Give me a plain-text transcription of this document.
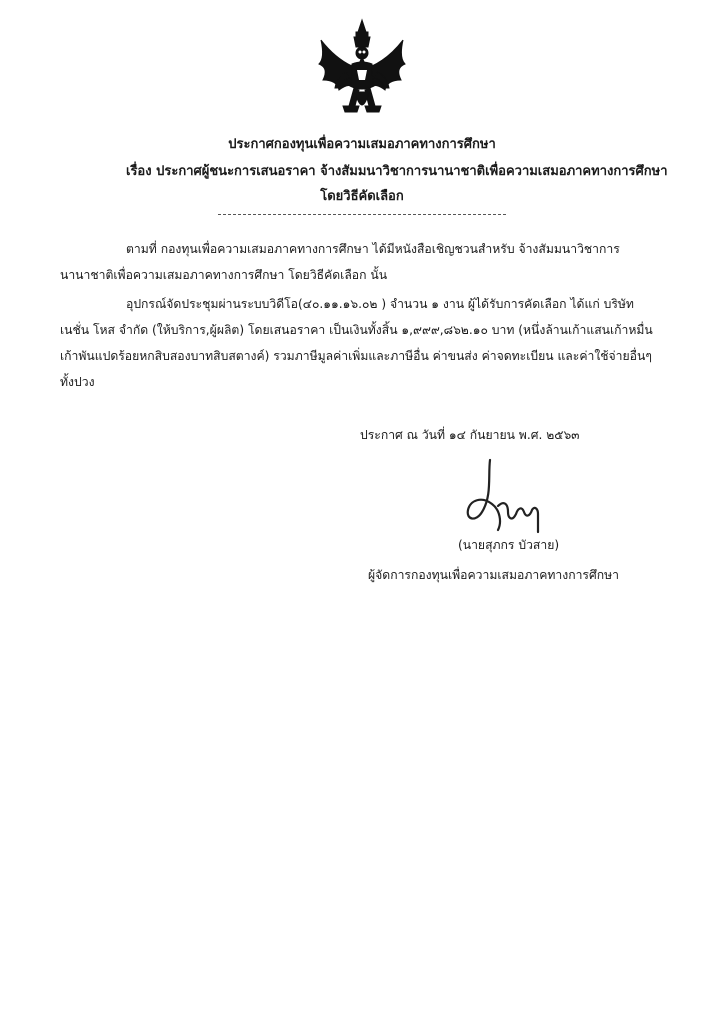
ประกาศกองทุนเพื่อความเสมอภาคทางการศึกษา
เรื่อง ประกาศผู้ชนะการเสนอราคา จ้างสัมมนาวิชาการนานาชาติเพื่อความเสมอภาคทางการศึกษา
โดยวิธีคัดเลือก
ตามที่ กองทุนเพื่อความเสมอภาคทางการศึกษา ได้มีหนังสือเชิญชวนสำหรับ จ้างสัมมนาวิชาการ
นานาชาติเพื่อความเสมอภาคทางการศึกษา โดยวิธีคัดเลือก นั้น
อุปกรณ์จัดประชุมผ่านระบบวิดีโอ(๔๐.๑๑.๑๖.๐๒ ) จำนวน ๑ งาน ผู้ได้รับการคัดเลือก ได้แก่ บริษัท
เนชั่น โหส จำกัด (ให้บริการ,ผู้ผลิต) โดยเสนอราคา เป็นเงินทั้งสิ้น ๑,๙๙๙,๘๖๒.๑๐ บาท (หนึ่งล้านเก้าแสนเก้าหมื่น
เก้าพันแปดร้อยหกสิบสองบาทสิบสตางค์) รวมภาษีมูลค่าเพิ่มและภาษีอื่น ค่าขนส่ง ค่าจดทะเบียน และค่าใช้จ่ายอื่นๆ
ทั้งปวง
ประกาศ ณ วันที่ ๑๔ กันยายน พ.ศ. ๒๕๖๓
(นายสุภกร บัวสาย)
ผู้จัดการกองทุนเพื่อความเสมอภาคทางการศึกษา
